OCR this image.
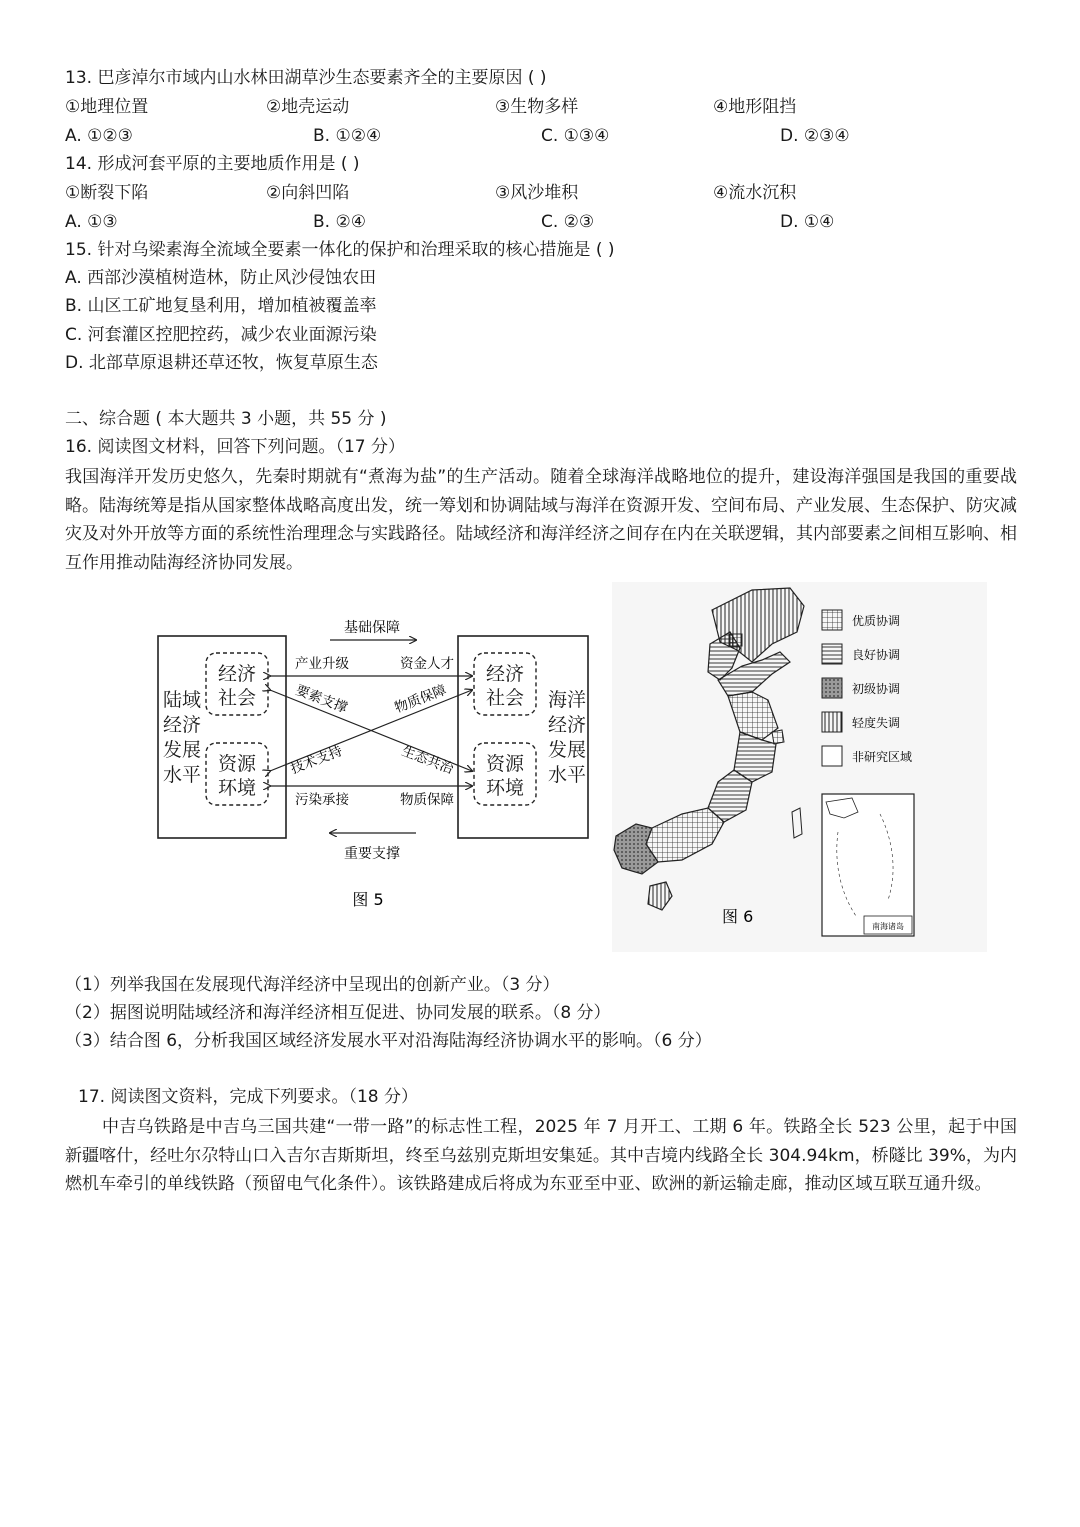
13. 巴彦淖尔市域内山水林田湖草沙生态要素齐全的主要原因 ( )
①地理位置	②地壳运动	③生物多样	④地形阻挡
A. ①②③	B. ①②④	C. ①③④	D. ②③④
14. 形成河套平原的主要地质作用是 ( )
①断裂下陷	②向斜凹陷	③风沙堆积	④流水沉积
A. ①③	B. ②④	C. ②③	D. ①④
15. 针对乌梁素海全流域全要素一体化的保护和治理采取的核心措施是 ( )
A. 西部沙漠植树造林，防止风沙侵蚀农田
B. 山区工矿地复垦利用，增加植被覆盖率
C. 河套灌区控肥控药，减少农业面源污染
D. 北部草原退耕还草还牧，恢复草原生态
二、综合题 ( 本大题共 3 小题，共 55 分 )
16. 阅读图文材料，回答下列问题。（17 分）
我国海洋开发历史悠久，先秦时期就有“煮海为盐”的生产活动。随着全球海洋战略地位的提升，建设海洋强国是我国的重要战略。陆海统筹是指从国家整体战略高度出发，统一筹划和协调陆域与海洋在资源开发、空间布局、产业发展、生态保护、防灾减灾及对外开放等方面的系统性治理理念与实践路径。陆域经济和海洋经济之间存在内在关联逻辑，其内部要素之间相互影响、相互作用推动陆海经济协同发展。
陆域
经济
发展
水平
海洋
经济
发展
水平
经济
社会
资源
环境
经济
社会
资源
环境
基础保障
重要支撑
产业升级	资金人才
要素支撑	物质保障
技术支持	生态共治
污染承接	物质保障
图 5
优质协调
良好协调
初级协调
轻度失调
非研究区域
南海诸岛
图 6
（1）列举我国在发展现代海洋经济中呈现出的创新产业。（3 分）
（2）据图说明陆域经济和海洋经济相互促进、协同发展的联系。（8 分）
（3）结合图 6，分析我国区域经济发展水平对沿海陆海经济协调水平的影响。（6 分）
17. 阅读图文资料，完成下列要求。（18 分）
中吉乌铁路是中吉乌三国共建“一带一路”的标志性工程，2025 年 7 月开工、工期 6 年。铁路全长 523 公里，起于中国新疆喀什，经吐尔尕特山口入吉尔吉斯斯坦，终至乌兹别克斯坦安集延。其中吉境内线路全长 304.94km，桥隧比 39%，为内燃机车牵引的单线铁路（预留电气化条件）。该铁路建成后将成为东亚至中亚、欧洲的新运输走廊，推动区域互联互通升级。
